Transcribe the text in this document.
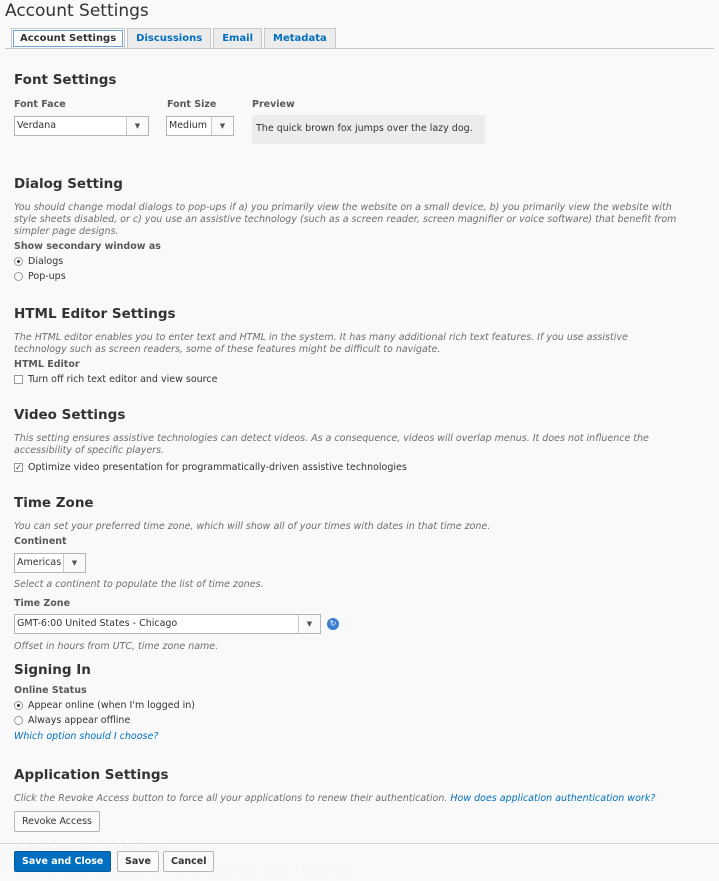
Account Settings
Account Settings	Discussions	Email	Metadata
Font Settings
Font Face
Verdana	▼
Font Size
Medium	▼
Preview
The quick brown fox jumps over the lazy dog.
Dialog Setting
You should change modal dialogs to pop-ups if a) you primarily view the website on a small device, b) you primarily view the website with
style sheets disabled, or c) you use an assistive technology (such as a screen reader, screen magnifier or voice software) that benefit from
simpler page designs.
Show secondary window as
Dialogs
Pop-ups
HTML Editor Settings
The HTML editor enables you to enter text and HTML in the system. It has many additional rich text features. If you use assistive
technology such as screen readers, some of these features might be difficult to navigate.
HTML Editor
Turn off rich text editor and view source
Video Settings
This setting ensures assistive technologies can detect videos. As a consequence, videos will overlap menus. It does not influence the
accessibility of specific players.
✓ Optimize video presentation for programmatically-driven assistive technologies
Time Zone
You can set your preferred time zone, which will show all of your times with dates in that time zone.
Continent
Americas	▼
Select a continent to populate the list of time zones.
Time Zone
GMT-6:00 United States - Chicago	▼	↻
Offset in hours from UTC, time zone name.
Signing In
Online Status
Appear online (when I'm logged in)
Always appear offline
Which option should I choose?
Application Settings
Click the Revoke Access button to force all your applications to renew their authentication. How does application authentication work?
Revoke Access
Save and Close	Save	Cancel
